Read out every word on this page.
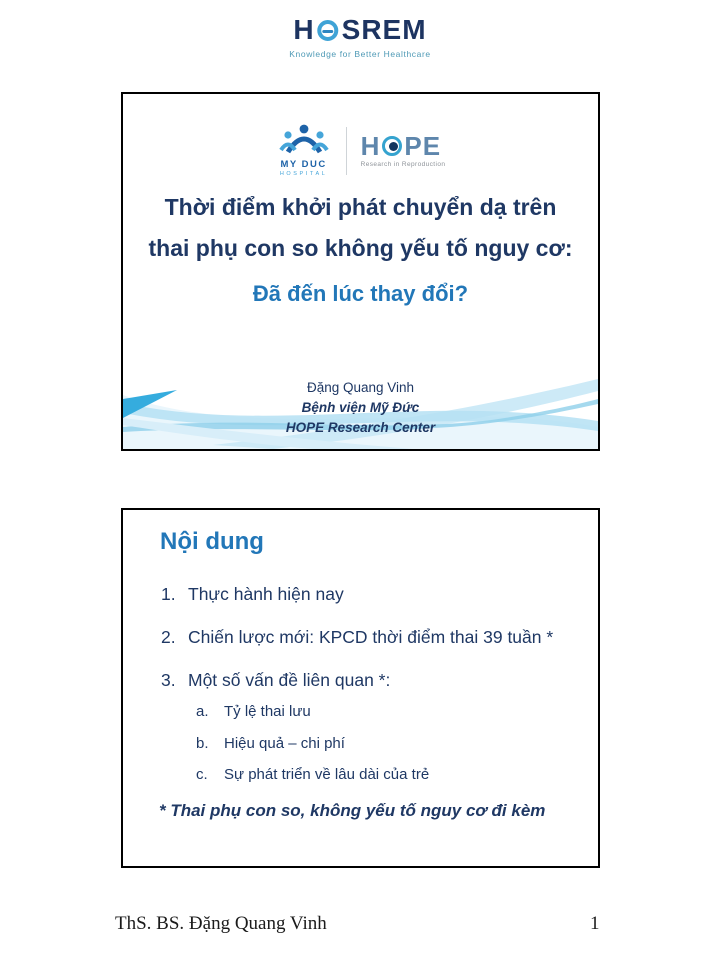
H SREM
Knowledge for Better Healthcare
MY DUC
HOSPITAL
H PE
Research in Reproduction
Thời điểm khởi phát chuyển dạ trên
thai phụ con so không yếu tố nguy cơ:
Đã đến lúc thay đổi?
Đặng Quang Vinh
Bệnh viện Mỹ Đức
HOPE Research Center
Nội dung
1. Thực hành hiện nay
2. Chiến lược mới: KPCD thời điểm thai 39 tuần *
3. Một số vấn đề liên quan *:
a.	Tỷ lệ thai lưu
b.	Hiệu quả – chi phí
c.	Sự phát triển về lâu dài của trẻ
* Thai phụ con so, không yếu tố nguy cơ đi kèm
ThS. BS. Đặng Quang Vinh	1
